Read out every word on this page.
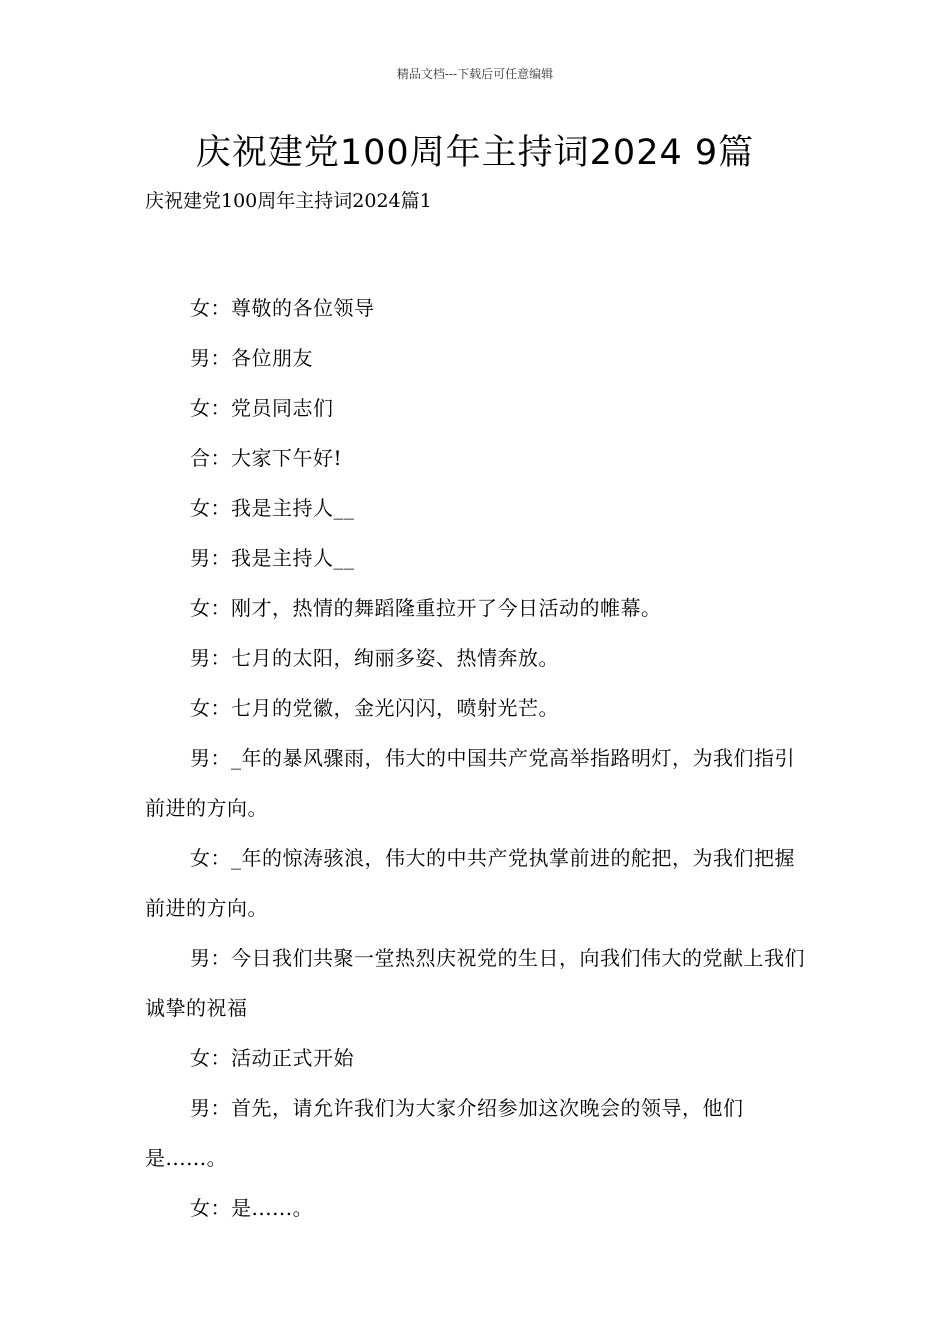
精品文档---下载后可任意编辑
庆祝建党100周年主持词2024 9篇
庆祝建党100周年主持词2024篇1

女：尊敬的各位领导

男：各位朋友

女：党员同志们

合：大家下午好!

女：我是主持人__

男：我是主持人__

女：刚才，热情的舞蹈隆重拉开了今日活动的帷幕。

男：七月的太阳，绚丽多姿、热情奔放。

女：七月的党徽，金光闪闪，喷射光芒。

男：_年的暴风骤雨，伟大的中国共产党高举指路明灯，为我们指引前进的方向。

女：_年的惊涛骇浪，伟大的中共产党执掌前进的舵把，为我们把握前进的方向。

男：今日我们共聚一堂热烈庆祝党的生日，向我们伟大的党献上我们诚挚的祝福

女：活动正式开始

男：首先，请允许我们为大家介绍参加这次晚会的领导，他们是......。

女：是......。
